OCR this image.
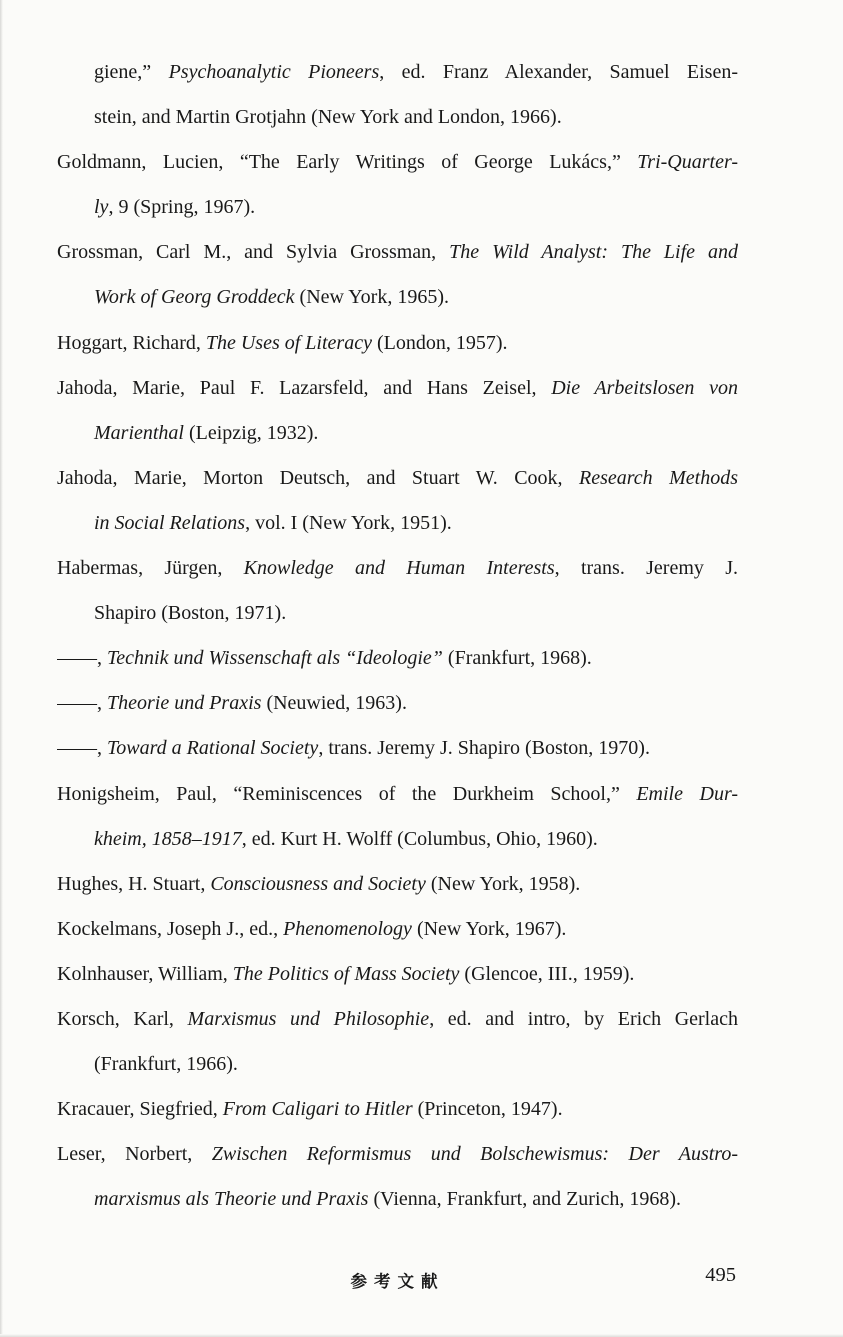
giene,” Psychoanalytic Pioneers, ed. Franz Alexander, Samuel Eisen-
stein, and Martin Grotjahn (New York and London, 1966).
Goldmann, Lucien, “The Early Writings of George Lukács,” Tri-Quarter-
ly, 9 (Spring, 1967).
Grossman, Carl M., and Sylvia Grossman, The Wild Analyst: The Life and
Work of Georg Groddeck (New York, 1965).
Hoggart, Richard, The Uses of Literacy (London, 1957).
Jahoda, Marie, Paul F. Lazarsfeld, and Hans Zeisel, Die Arbeitslosen von
Marienthal (Leipzig, 1932).
Jahoda, Marie, Morton Deutsch, and Stuart W. Cook, Research Methods
in Social Relations, vol. I (New York, 1951).
Habermas, Jürgen, Knowledge and Human Interests, trans. Jeremy J.
Shapiro (Boston, 1971).
——, Technik und Wissenschaft als “Ideologie” (Frankfurt, 1968).
——, Theorie und Praxis (Neuwied, 1963).
——, Toward a Rational Society, trans. Jeremy J. Shapiro (Boston, 1970).
Honigsheim, Paul, “Reminiscences of the Durkheim School,” Emile Dur-
kheim, 1858–1917, ed. Kurt H. Wolff (Columbus, Ohio, 1960).
Hughes, H. Stuart, Consciousness and Society (New York, 1958).
Kockelmans, Joseph J., ed., Phenomenology (New York, 1967).
Kolnhauser, William, The Politics of Mass Society (Glencoe, III., 1959).
Korsch, Karl, Marxismus und Philosophie, ed. and intro, by Erich Gerlach
(Frankfurt, 1966).
Kracauer, Siegfried, From Caligari to Hitler (Princeton, 1947).
Leser, Norbert, Zwischen Reformismus und Bolschewismus: Der Austro-
marxismus als Theorie und Praxis (Vienna, Frankfurt, and Zurich, 1968).
参考文献	495
